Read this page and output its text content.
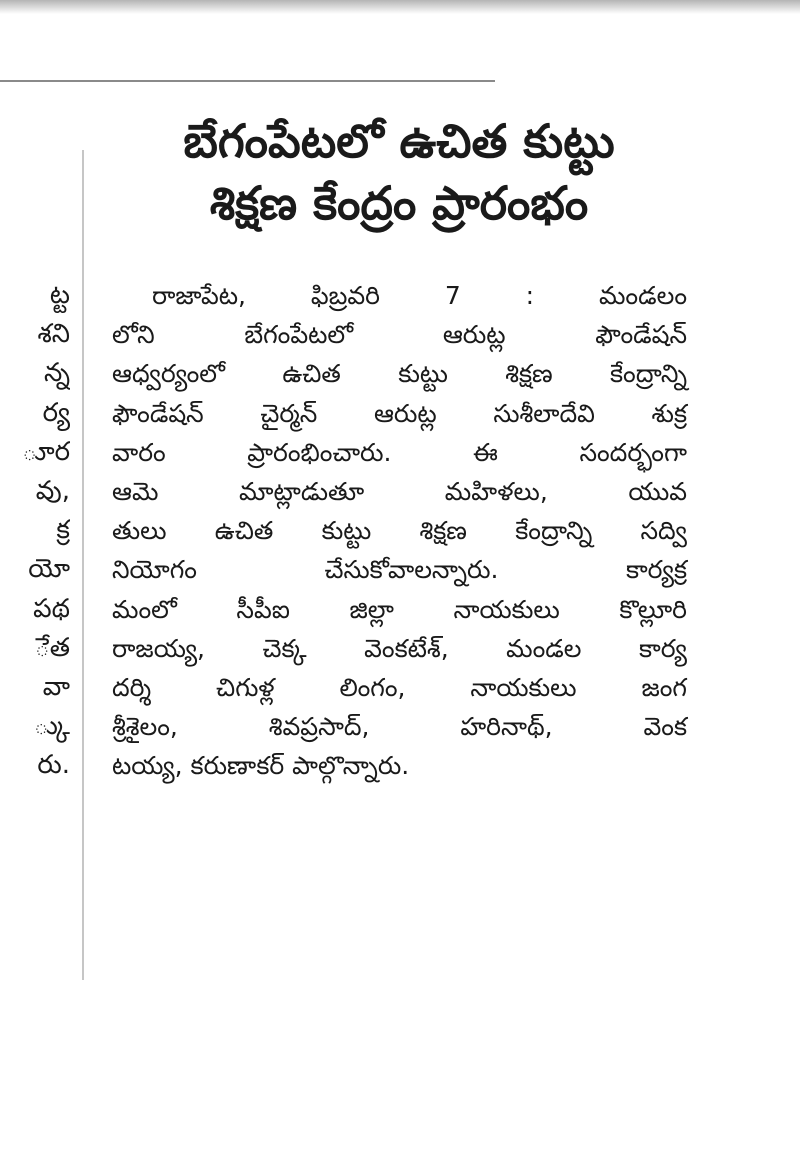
ట్ట
శని
న్న
ర్య
ూర
వు,
క్ర
యో
పథ
ేత
వా
్కు
రు.
బేగంపేటలో ఉచిత కుట్టు
శిక్షణ కేంద్రం ప్రారంభం
రాజాపేట, ఫిబ్రవరి 7 : మండలం
లోని బేగంపేటలో ఆరుట్ల ఫౌండేషన్
ఆధ్వర్యంలో ఉచిత కుట్టు శిక్షణ కేంద్రాన్ని
ఫౌండేషన్ చైర్మన్ ఆరుట్ల సుశీలాదేవి శుక్ర
వారం ప్రారంభించారు. ఈ సందర్భంగా
ఆమె మాట్లాడుతూ మహిళలు, యువ
తులు ఉచిత కుట్టు శిక్షణ కేంద్రాన్ని సద్వి
నియోగం చేసుకోవాలన్నారు. కార్యక్ర
మంలో సీపీఐ జిల్లా నాయకులు కొల్లూరి
రాజయ్య, చెక్క వెంకటేశ్, మండల కార్య
దర్శి చిగుళ్ల లింగం, నాయకులు జంగ
శ్రీశైలం, శివప్రసాద్, హరినాథ్, వెంక
టయ్య, కరుణాకర్ పాల్గొన్నారు.
